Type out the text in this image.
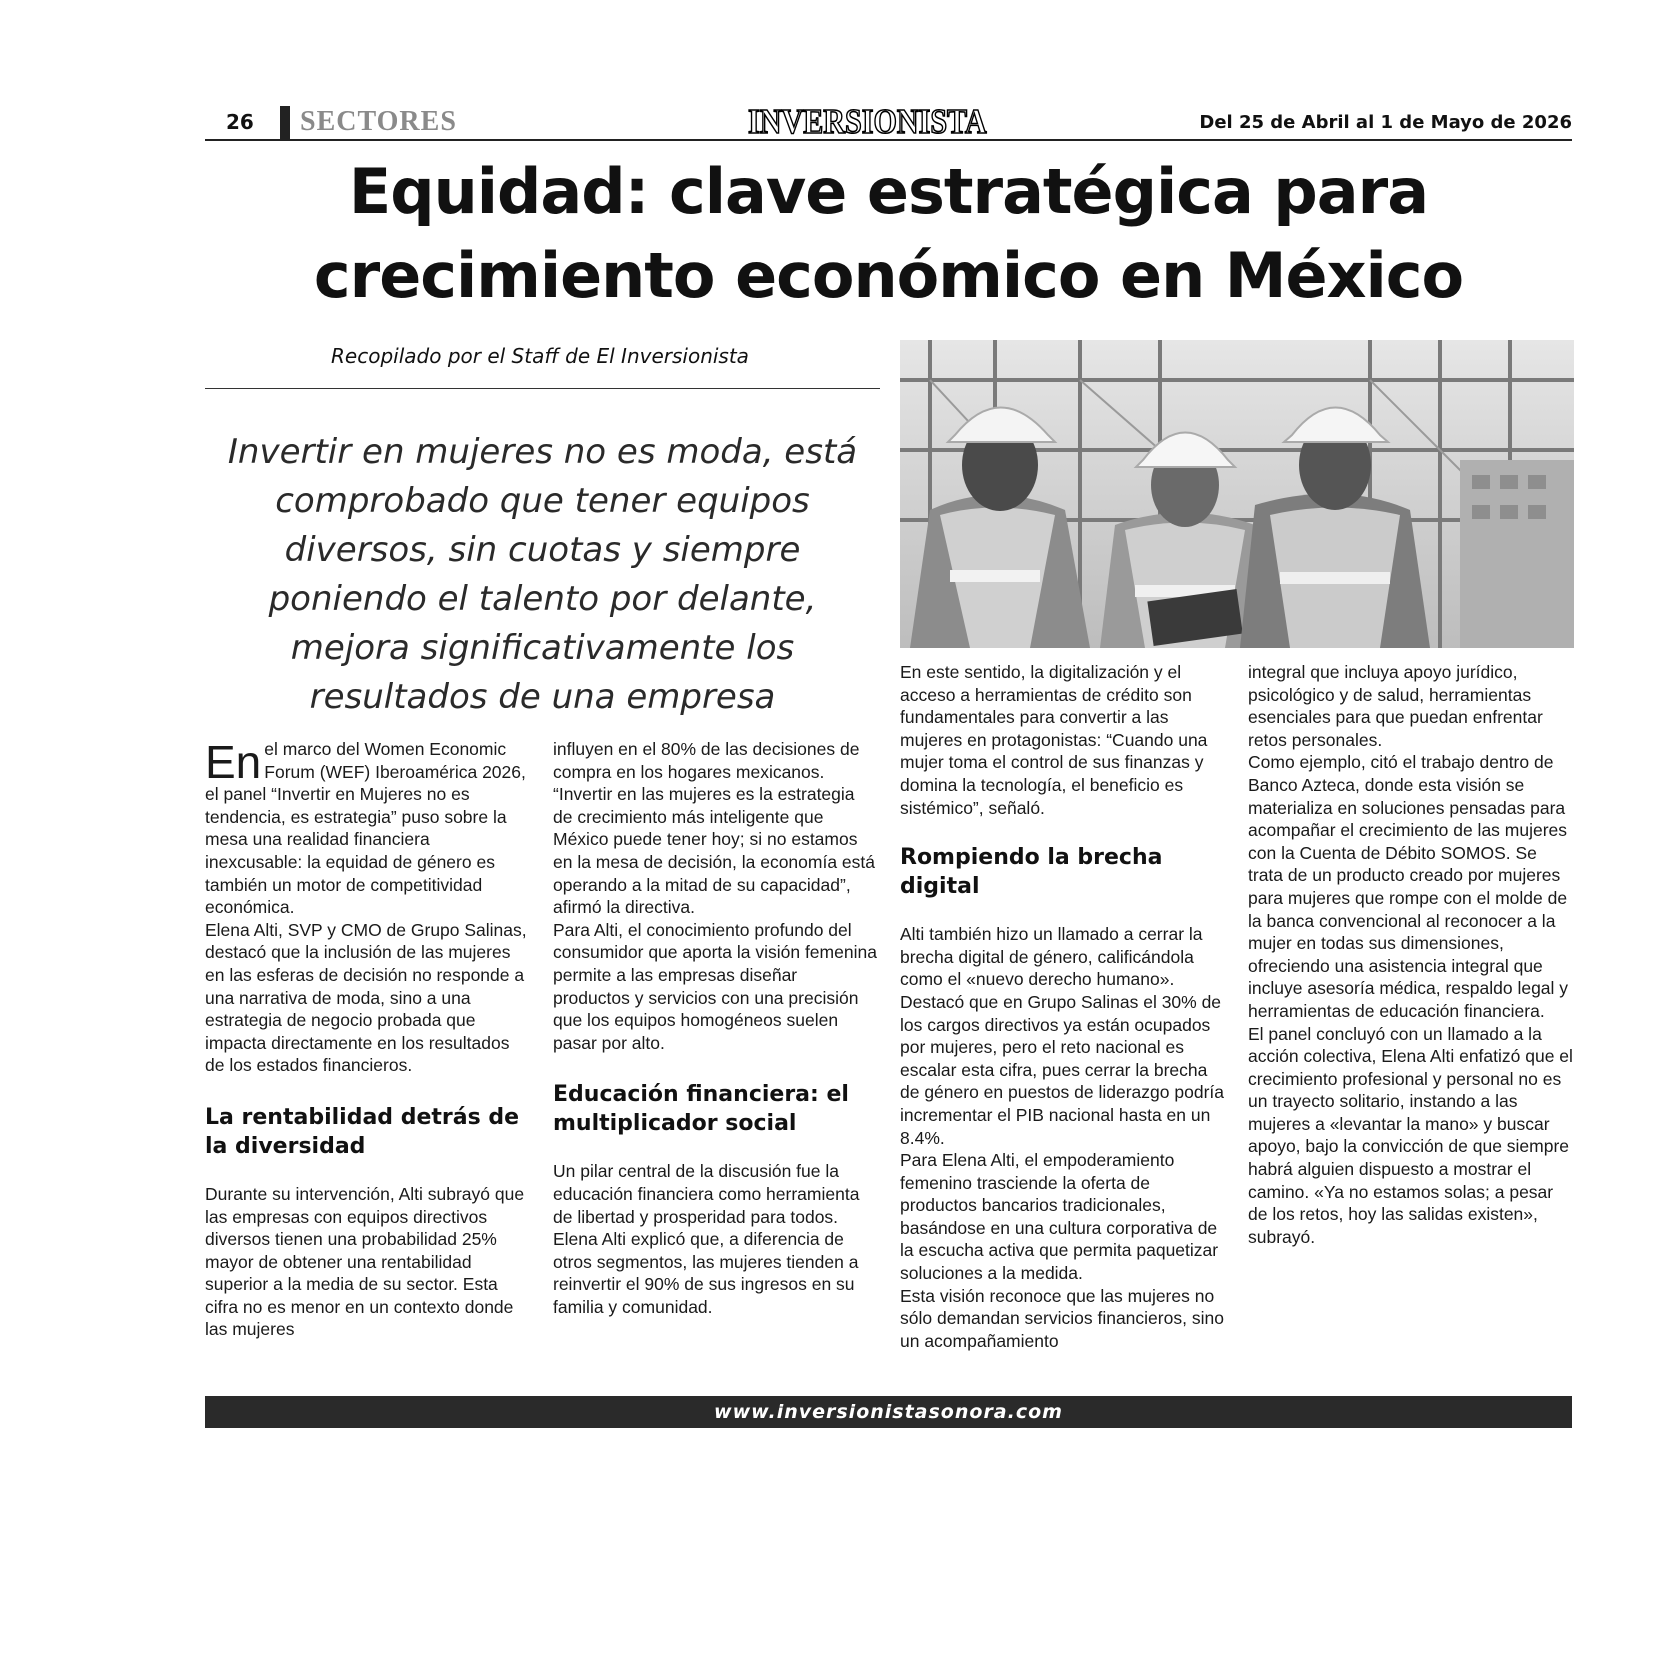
26 SECTORES	INVERSIONISTA	Del 25 de Abril al 1 de Mayo de 2026
Equidad: clave estratégica para
crecimiento económico en México
Recopilado por el Staff de El Inversionista
Invertir en mujeres no es moda, está comprobado que tener equipos diversos, sin cuotas y siempre poniendo el talento por delante, mejora significativamente los resultados de una empresa

En el marco del Women Economic Forum (WEF) Iberoamérica 2026, el panel “Invertir en Mujeres no es tendencia, es estrategia” puso sobre la mesa una realidad financiera inexcusable: la equidad de género es también un motor de competitividad económica.

Elena Alti, SVP y CMO de Grupo Salinas, destacó que la inclusión de las mujeres en las esferas de decisión no responde a una narrativa de moda, sino a una estrategia de negocio probada que impacta directamente en los resultados de los estados financieros.

La rentabilidad detrás de la diversidad

Durante su intervención, Alti subrayó que las empresas con equipos directivos diversos tienen una probabilidad 25% mayor de obtener una rentabilidad superior a la media de su sector. Esta cifra no es menor en un contexto donde las mujeres

influyen en el 80% de las decisiones de compra en los hogares mexicanos.

“Invertir en las mujeres es la estrategia de crecimiento más inteligente que México puede tener hoy; si no estamos en la mesa de decisión, la economía está operando a la mitad de su capacidad”, afirmó la directiva.

Para Alti, el conocimiento profundo del consumidor que aporta la visión femenina permite a las empresas diseñar productos y servicios con una precisión que los equipos homogéneos suelen pasar por alto.

Educación financiera: el multiplicador social

Un pilar central de la discusión fue la educación financiera como herramienta de libertad y prosperidad para todos.

Elena Alti explicó que, a diferencia de otros segmentos, las mujeres tienden a reinvertir el 90% de sus ingresos en su familia y comunidad.

En este sentido, la digitalización y el acceso a herramientas de crédito son fundamentales para convertir a las mujeres en protagonistas: “Cuando una mujer toma el control de sus finanzas y domina la tecnología, el beneficio es sistémico”, señaló.

Rompiendo la brecha digital

Alti también hizo un llamado a cerrar la brecha digital de género, calificándola como el «nuevo derecho humano». Destacó que en Grupo Salinas el 30% de los cargos directivos ya están ocupados por mujeres, pero el reto nacional es escalar esta cifra, pues cerrar la brecha de género en puestos de liderazgo podría incrementar el PIB nacional hasta en un 8.4%.

Para Elena Alti, el empoderamiento femenino trasciende la oferta de productos bancarios tradicionales, basándose en una cultura corporativa de la escucha activa que permita paquetizar soluciones a la medida.

Esta visión reconoce que las mujeres no sólo demandan servicios financieros, sino un acompañamiento

integral que incluya apoyo jurídico, psicológico y de salud, herramientas esenciales para que puedan enfrentar retos personales.

Como ejemplo, citó el trabajo dentro de Banco Azteca, donde esta visión se materializa en soluciones pensadas para acompañar el crecimiento de las mujeres con la Cuenta de Débito SOMOS. Se trata de un producto creado por mujeres para mujeres que rompe con el molde de la banca convencional al reconocer a la mujer en todas sus dimensiones, ofreciendo una asistencia integral que incluye asesoría médica, respaldo legal y herramientas de educación financiera.

El panel concluyó con un llamado a la acción colectiva, Elena Alti enfatizó que el crecimiento profesional y personal no es un trayecto solitario, instando a las mujeres a «levantar la mano» y buscar apoyo, bajo la convicción de que siempre habrá alguien dispuesto a mostrar el camino. «Ya no estamos solas; a pesar de los retos, hoy las salidas existen», subrayó.

www.inversionistasonora.com
